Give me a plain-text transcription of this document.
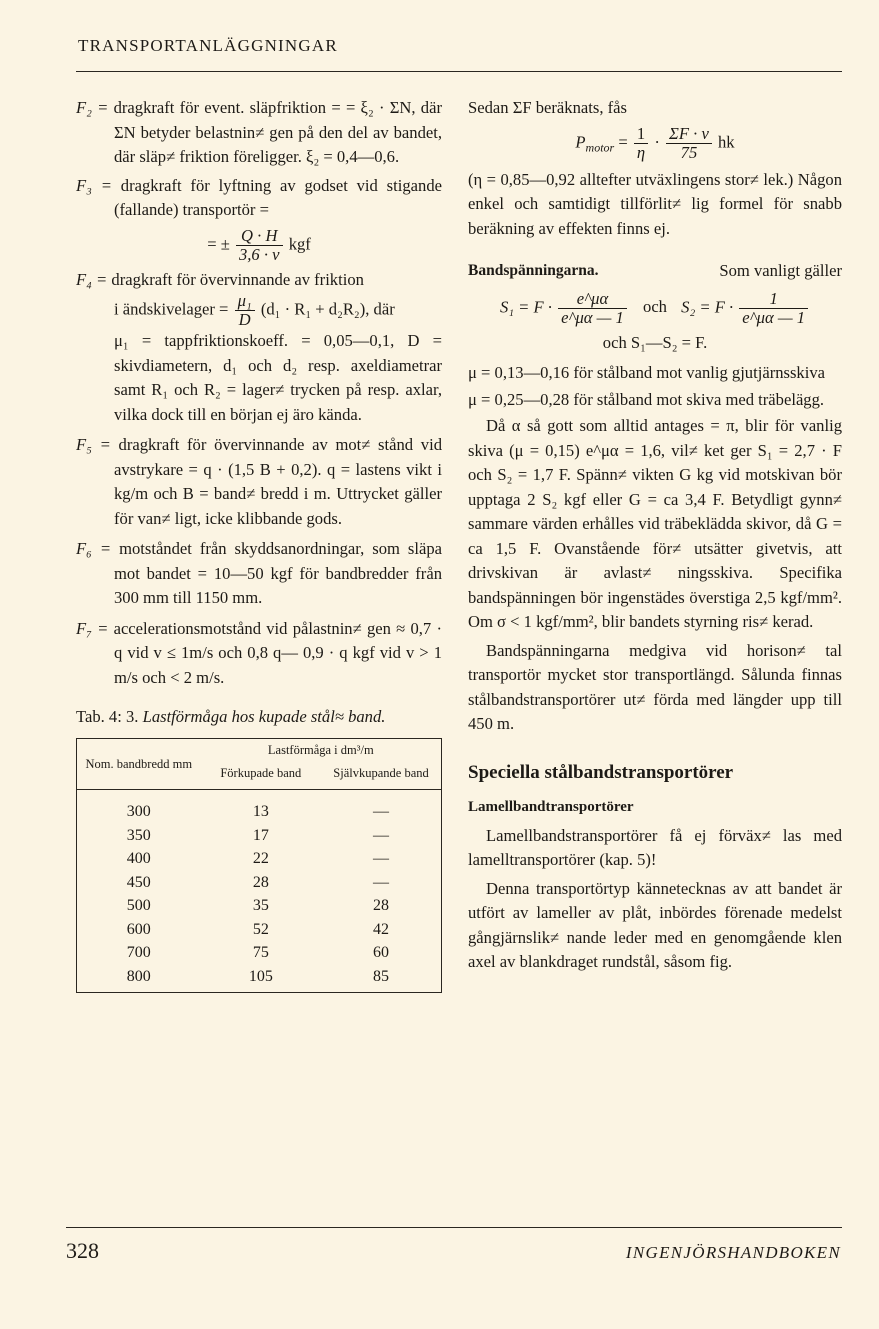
TRANSPORTANLÄGGNINGAR
F₂ = dragkraft för event. släpfriktion = = ξ₂ · ΣN, där ΣN betyder belastnin≠ gen på den del av bandet, där släp≠ friktion föreligger. ξ₂ = 0,4—0,6.
F₃ = dragkraft för lyftning av godset vid stigande (fallande) transportör =
= ± $\frac{Q \cdot H}{3,6 \cdot v}$ kgf
F₄ = dragkraft för övervinnande av friktion
i ändskivelager = $\frac{\text{μ₁}}{D} (d_1 \cdot R_1 + d_2R_2)$, där
μ₁ = tappfriktionskoeff. = 0,05—0,1, D = skivdiametern, d₁ och d₂ resp. axeldiametrar samt R₁ och R₂ = lager≠ trycken på resp. axlar, vilka dock till en början ej äro kända.
F₅ = dragkraft för övervinnande av mot≠ stånd vid avstrykare = q · (1,5 B + 0,2). q = lastens vikt i kg/m och B = band≠ bredd i m. Uttrycket gäller för van≠ ligt, icke klibbande gods.
F₆ = motståndet från skyddsanordningar, som släpa mot bandet = 10—50 kgf för bandbredder från 300 mm till 1150 mm.
F₇ = accelerationsmotstånd vid pålastnin≠ gen ≈ 0,7 · q vid v ≤ 1m/s och 0,8 q— 0,9 · q kgf vid v > 1 m/s och < 2 m/s.
Tab. 4: 3. Lastförmåga hos kupade stål≈ band.
Nom. bandbredd mm	Lastförmåga i dm³/m	
	Förkupade band	Självkupande band
300	13	—
350	17	—
400	22	—
450	28	—
500	35	28
600	52	42
700	75	60
800	105	85

Sedan ΣF beräknats, fås

$P_{motor} = \frac{1}{\eta} \cdot \frac{\Sigma F \cdot v}{75}$ hk

(η = 0,85—0,92 alltefter utväxlingens stor≠ lek.) Någon enkel och samtidigt tillförlit≠ lig formel för snabb beräkning av effekten finns ej.

Bandspänningarna.	Som vanligt gäller

$S_1 = F \cdot \frac{e\^{}\mu\alpha}{e\^{}\mu\alpha — 1}$ och $S_2 = F \cdot \frac{1}{e\^{}\mu\alpha — 1}$
och S₁—S₂ = F.

μ = 0,13—0,16 för stålband mot vanlig gjutjärnsskiva

μ = 0,25—0,28 för stålband mot skiva med träbelägg.

Då α så gott som alltid antages = π, blir för vanlig skiva (μ = 0,15) e^μα = 1,6, vil≠ ket ger S₁ = 2,7 · F och S₂ = 1,7 F. Spänn≠ vikten G kg vid motskivan bör upptaga 2 S₂ kgf eller G = ca 3,4 F. Betydligt gynn≠ sammare värden erhålles vid träbeklädda skivor, då G = ca 1,5 F. Ovanstående för≠ utsätter givetvis, att drivskivan är avlast≠ ningsskiva. Specifika bandspänningen bör ingenstädes överstiga 2,5 kgf/mm². Om σ < 1 kgf/mm², blir bandets styrning ris≠ kerad.

Bandspänningarna medgiva vid horison≠ tal transportör mycket stor transportlängd. Sålunda finnas stålbandstransportörer ut≠ förda med längder upp till 450 m.

Speciella stålbandstransportörer
Lamellbandtransportörer

Lamellbandstransportörer få ej förväx≠ las med lamelltransportörer (kap. 5)!

Denna transportörtyp kännetecknas av att bandet är utfört av lameller av plåt, inbördes förenade medelst gångjärnslik≠ nande leder med en genomgående klen axel av blankdraget rundstål, såsom fig.

328	INGENJÖRSHANDBOKEN
